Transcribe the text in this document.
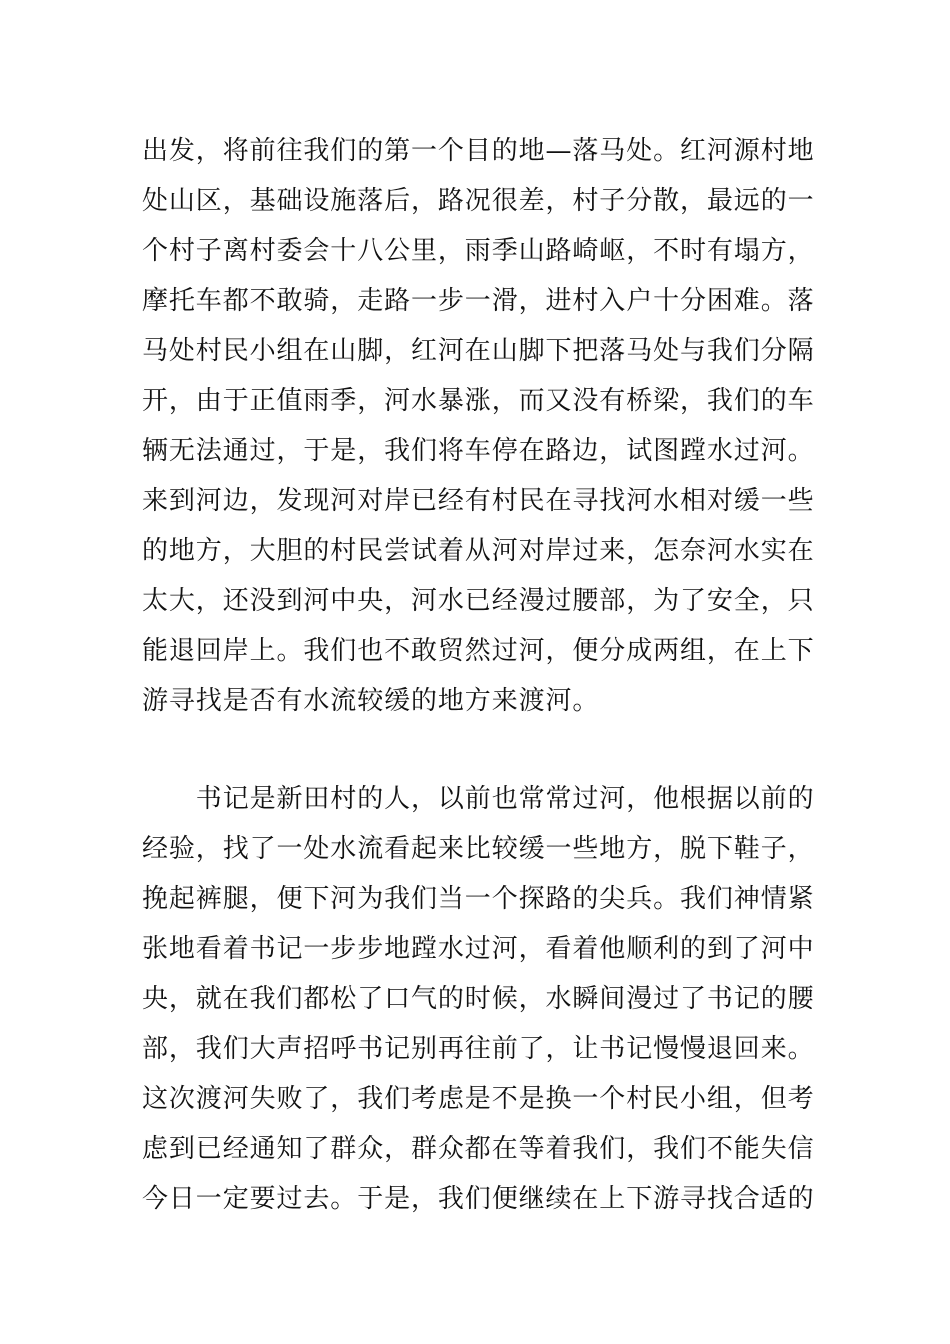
出发，将前往我们的第一个目的地—落马处。红河源村地
处山区，基础设施落后，路况很差，村子分散，最远的一
个村子离村委会十八公里，雨季山路崎岖，不时有塌方，
摩托车都不敢骑，走路一步一滑，进村入户十分困难。落
马处村民小组在山脚，红河在山脚下把落马处与我们分隔
开，由于正值雨季，河水暴涨，而又没有桥梁，我们的车
辆无法通过，于是，我们将车停在路边，试图蹚水过河。
来到河边，发现河对岸已经有村民在寻找河水相对缓一些
的地方，大胆的村民尝试着从河对岸过来，怎奈河水实在
太大，还没到河中央，河水已经漫过腰部，为了安全，只
能退回岸上。我们也不敢贸然过河，便分成两组，在上下
游寻找是否有水流较缓的地方来渡河。
　　书记是新田村的人，以前也常常过河，他根据以前的
经验，找了一处水流看起来比较缓一些地方，脱下鞋子，
挽起裤腿，便下河为我们当一个探路的尖兵。我们神情紧
张地看着书记一步步地蹚水过河，看着他顺利的到了河中
央，就在我们都松了口气的时候，水瞬间漫过了书记的腰
部，我们大声招呼书记别再往前了，让书记慢慢退回来。
这次渡河失败了，我们考虑是不是换一个村民小组，但考
虑到已经通知了群众，群众都在等着我们，我们不能失信
今日一定要过去。于是，我们便继续在上下游寻找合适的
